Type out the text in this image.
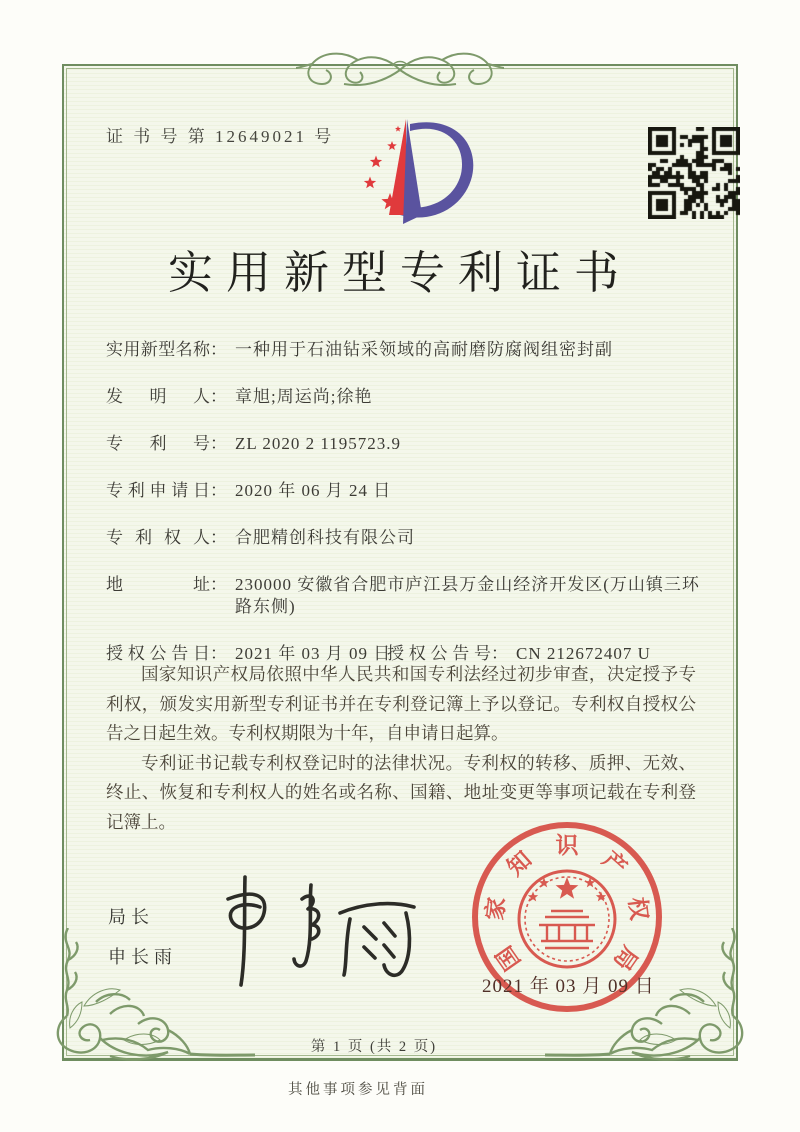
证 书 号 第 12649021 号
实用新型专利证书
实用新型名称： 一种用于石油钻采领域的高耐磨防腐阀组密封副
发明人： 章旭;周运尚;徐艳
专利号： ZL 2020 2 1195723.9
专利申请日： 2020 年 06 月 24 日
专利权人： 合肥精创科技有限公司
地址： 230000 安徽省合肥市庐江县万金山经济开发区(万山镇三环路东侧)
授权公告日： 2021 年 03 月 09 日授权公告号： CN 212672407 U

国家知识产权局依照中华人民共和国专利法经过初步审查，决定授予专利权，颁发实用新型专利证书并在专利登记簿上予以登记。专利权自授权公告之日起生效。专利权期限为十年，自申请日起算。

专利证书记载专利权登记时的法律状况。专利权的转移、质押、无效、终止、恢复和专利权人的姓名或名称、国籍、地址变更等事项记载在专利登记簿上。

局长
申长雨	国
家
知
识
产
权
局
2021 年 03 月 09 日
第 1 页 (共 2 页)
其他事项参见背面
